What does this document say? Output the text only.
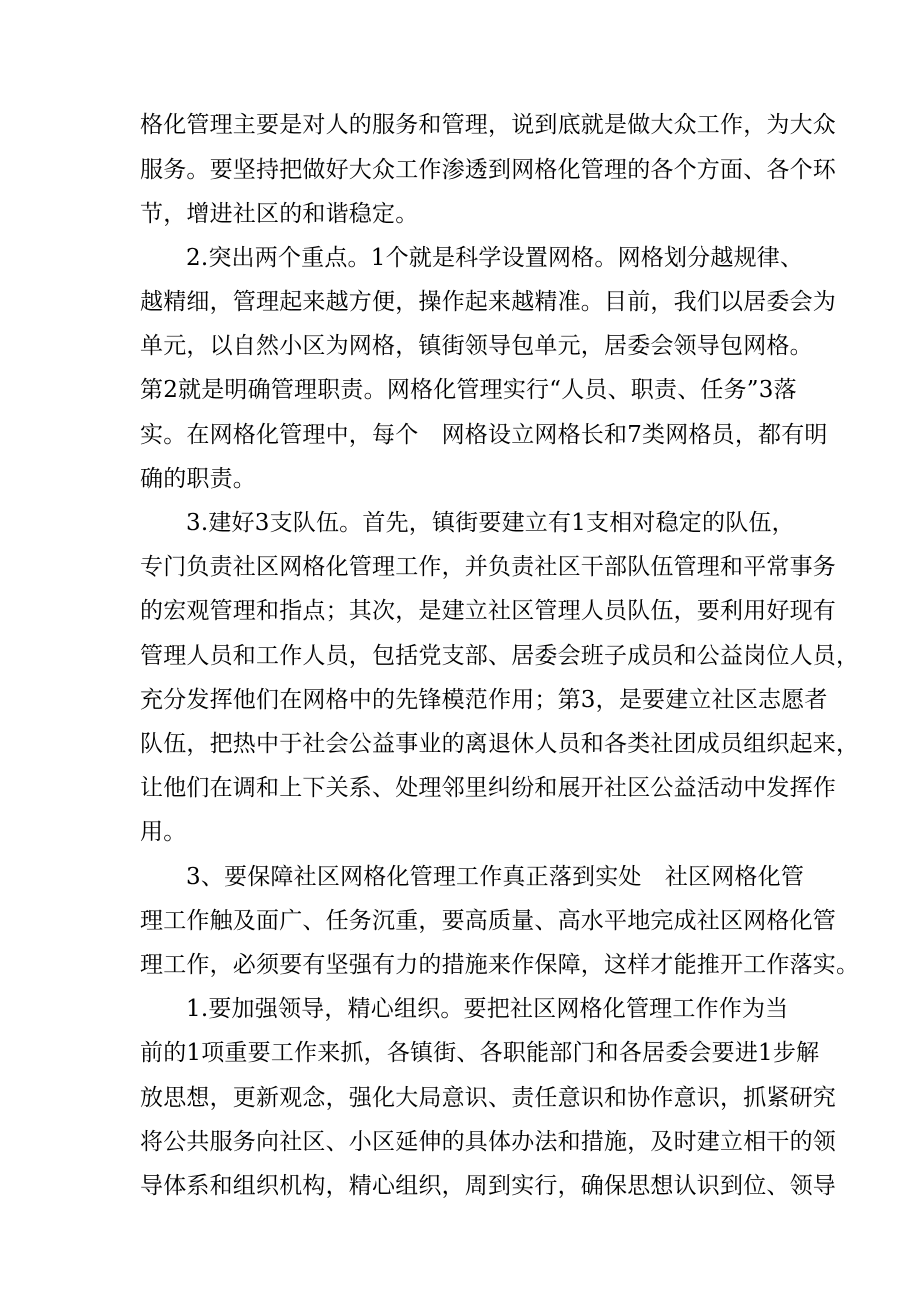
格化管理主要是对人的服务和管理，说到底就是做大众工作，为大众
服务。要坚持把做好大众工作渗透到网格化管理的各个方面、各个环
节，增进社区的和谐稳定。
2.突出两个重点。1个就是科学设置网格。网格划分越规律、
越精细，管理起来越方便，操作起来越精准。目前，我们以居委会为
单元，以自然小区为网格，镇街领导包单元，居委会领导包网格。
第2就是明确管理职责。网格化管理实行“人员、职责、任务”3落
实。在网格化管理中，每个　网格设立网格长和7类网格员，都有明
确的职责。
3.建好3支队伍。首先，镇街要建立有1支相对稳定的队伍，
专门负责社区网格化管理工作，并负责社区干部队伍管理和平常事务
的宏观管理和指点；其次，是建立社区管理人员队伍，要利用好现有
管理人员和工作人员，包括党支部、居委会班子成员和公益岗位人员，
充分发挥他们在网格中的先锋模范作用；第3，是要建立社区志愿者
队伍，把热中于社会公益事业的离退休人员和各类社团成员组织起来，
让他们在调和上下关系、处理邻里纠纷和展开社区公益活动中发挥作
用。
3、要保障社区网格化管理工作真正落到实处　社区网格化管
理工作触及面广、任务沉重，要高质量、高水平地完成社区网格化管
理工作，必须要有坚强有力的措施来作保障，这样才能推开工作落实。
1.要加强领导，精心组织。要把社区网格化管理工作作为当
前的1项重要工作来抓，各镇街、各职能部门和各居委会要进1步解
放思想，更新观念，强化大局意识、责任意识和协作意识，抓紧研究
将公共服务向社区、小区延伸的具体办法和措施，及时建立相干的领
导体系和组织机构，精心组织，周到实行，确保思想认识到位、领导
